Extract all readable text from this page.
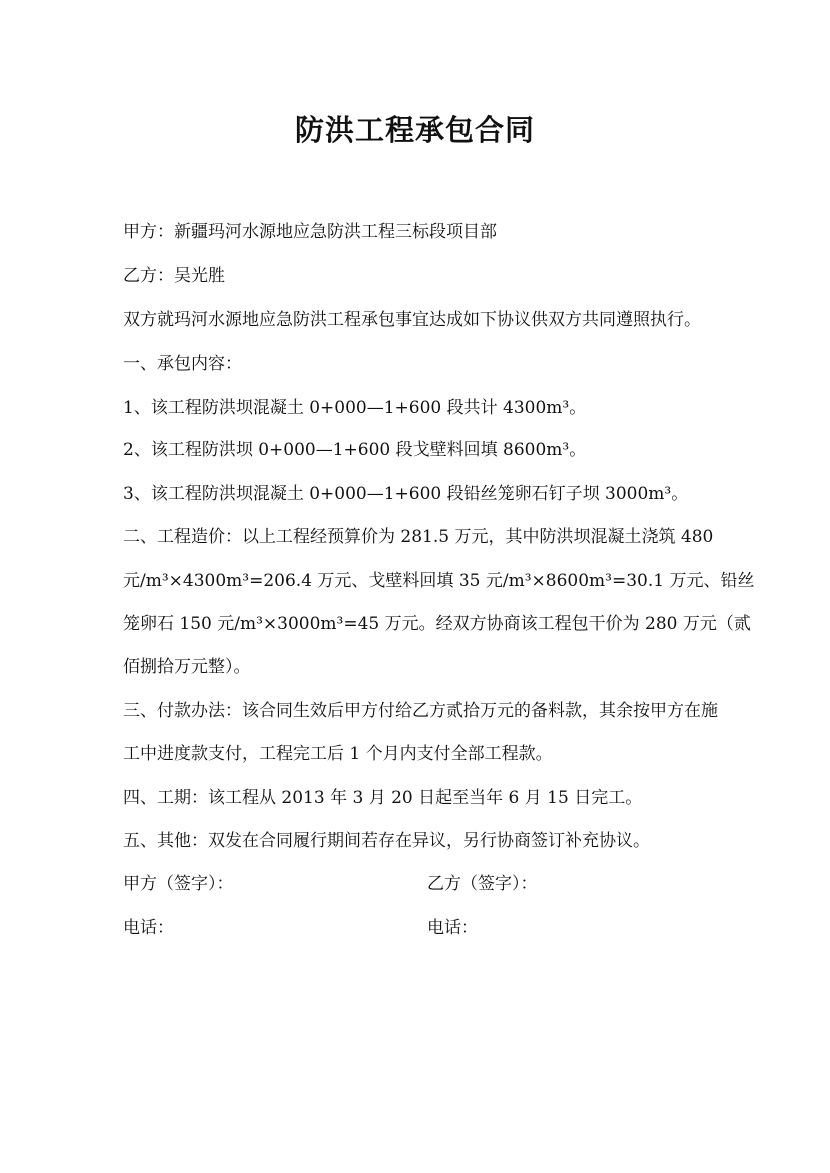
防洪工程承包合同

甲方：新疆玛河水源地应急防洪工程三标段项目部

乙方：吴光胜

双方就玛河水源地应急防洪工程承包事宜达成如下协议供双方共同遵照执行。

一、承包内容：

1、该工程防洪坝混凝土 0+000—1+600 段共计 4300m³。

2、该工程防洪坝 0+000—1+600 段戈壁料回填 8600m³。

3、该工程防洪坝混凝土 0+000—1+600 段铅丝笼卵石钉子坝 3000m³。

二、工程造价：以上工程经预算价为 281.5 万元，其中防洪坝混凝土浇筑 480

元/m³×4300m³=206.4 万元、戈壁料回填 35 元/m³×8600m³=30.1 万元、铅丝

笼卵石 150 元/m³×3000m³=45 万元。经双方协商该工程包干价为 280 万元（贰

佰捌拾万元整）。

三、付款办法：该合同生效后甲方付给乙方贰拾万元的备料款，其余按甲方在施

工中进度款支付，工程完工后 1 个月内支付全部工程款。

四、工期：该工程从 2013 年 3 月 20 日起至当年 6 月 15 日完工。

五、其他：双发在合同履行期间若存在异议，另行协商签订补充协议。

甲方（签字）：	乙方（签字）：

电话：	电话：
